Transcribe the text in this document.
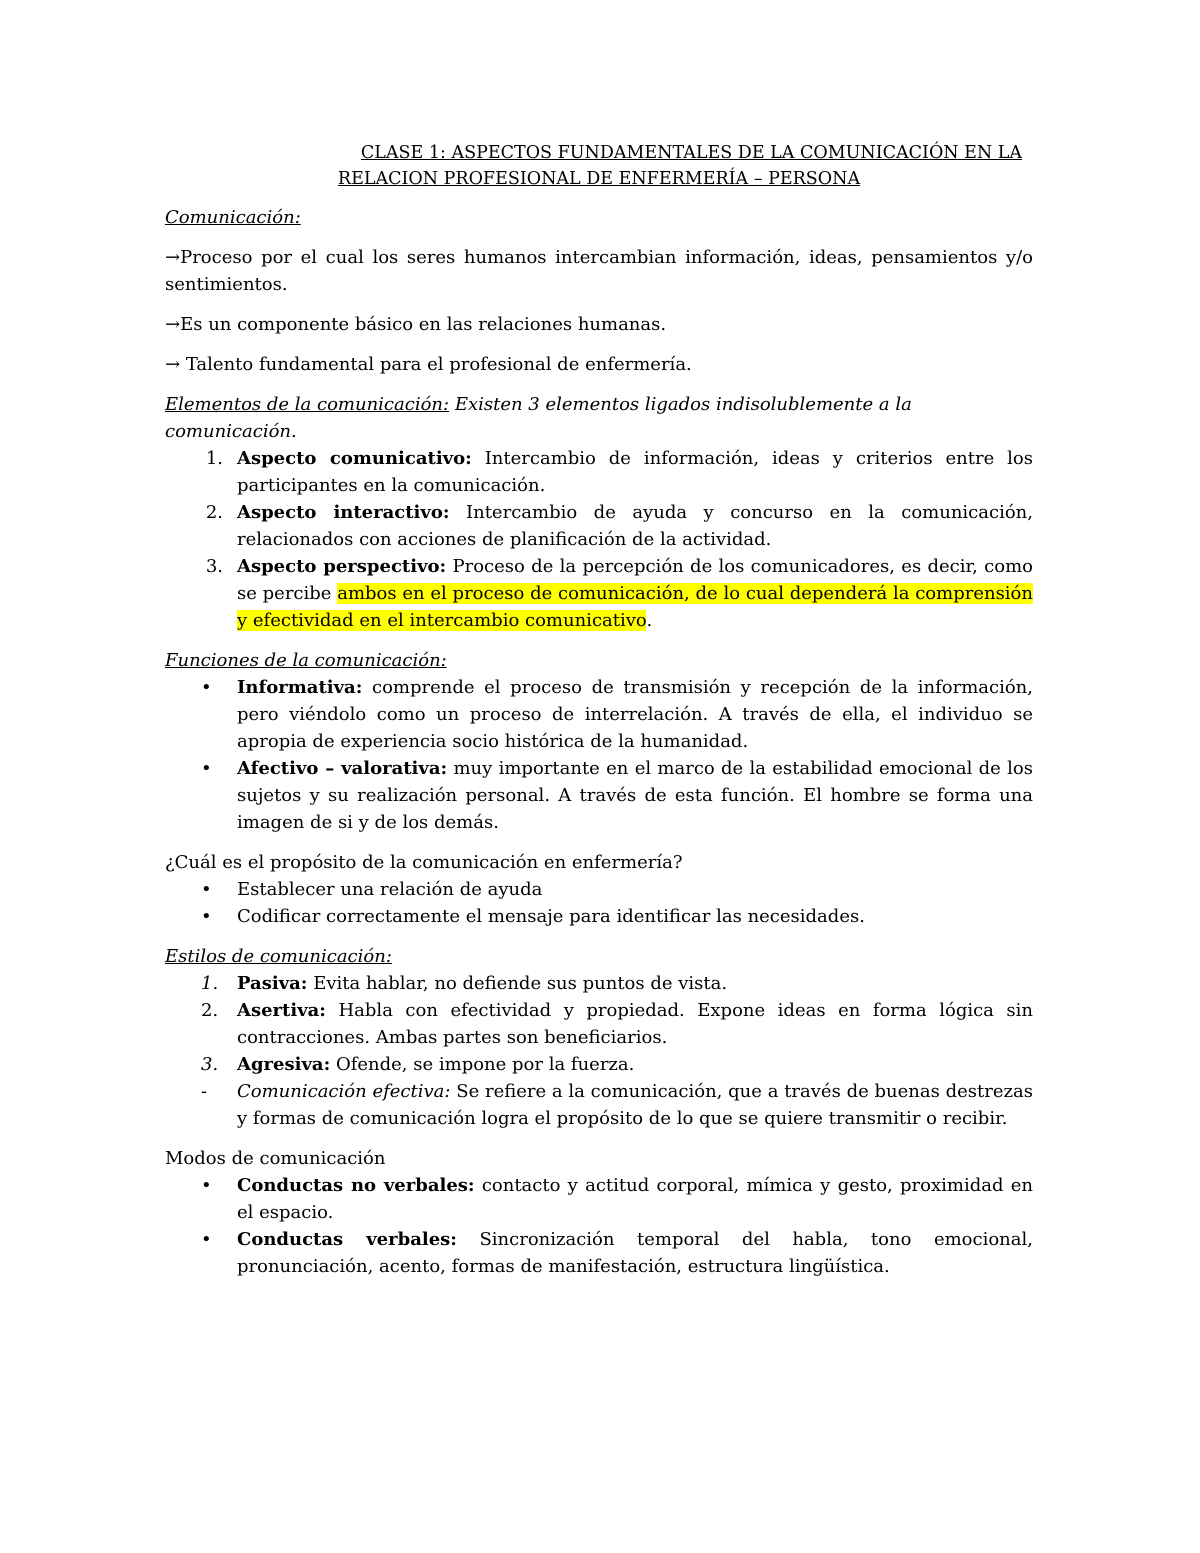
CLASE 1: ASPECTOS FUNDAMENTALES DE LA COMUNICACIÓN EN LA
RELACION PROFESIONAL DE ENFERMERÍA – PERSONA

Comunicación:

→Proceso por el cual los seres humanos intercambian información, ideas, pensamientos y/o sentimientos.

→Es un componente básico en las relaciones humanas.

→ Talento fundamental para el profesional de enfermería.

Elementos de la comunicación: Existen 3 elementos ligados indisolublemente a la comunicación.

1. Aspecto comunicativo: Intercambio de información, ideas y criterios entre los participantes en la comunicación.
2. Aspecto interactivo: Intercambio de ayuda y concurso en la comunicación, relacionados con acciones de planificación de la actividad.
3. Aspecto perspectivo: Proceso de la percepción de los comunicadores, es decir, como se percibe ambos en el proceso de comunicación, de lo cual dependerá la comprensión y efectividad en el intercambio comunicativo.

Funciones de la comunicación:

• Informativa: comprende el proceso de transmisión y recepción de la información, pero viéndolo como un proceso de interrelación. A través de ella, el individuo se apropia de experiencia socio histórica de la humanidad.
• Afectivo – valorativa: muy importante en el marco de la estabilidad emocional de los sujetos y su realización personal. A través de esta función. El hombre se forma una imagen de si y de los demás.

¿Cuál es el propósito de la comunicación en enfermería?

• Establecer una relación de ayuda
• Codificar correctamente el mensaje para identificar las necesidades.

Estilos de comunicación:

1. Pasiva: Evita hablar, no defiende sus puntos de vista.
2. Asertiva: Habla con efectividad y propiedad. Expone ideas en forma lógica sin contracciones. Ambas partes son beneficiarios.
3. Agresiva: Ofende, se impone por la fuerza.
- Comunicación efectiva: Se refiere a la comunicación, que a través de buenas destrezas y formas de comunicación logra el propósito de lo que se quiere transmitir o recibir.

Modos de comunicación

• Conductas no verbales: contacto y actitud corporal, mímica y gesto, proximidad en el espacio.
• Conductas verbales: Sincronización temporal del habla, tono emocional, pronunciación, acento, formas de manifestación, estructura lingüística.
